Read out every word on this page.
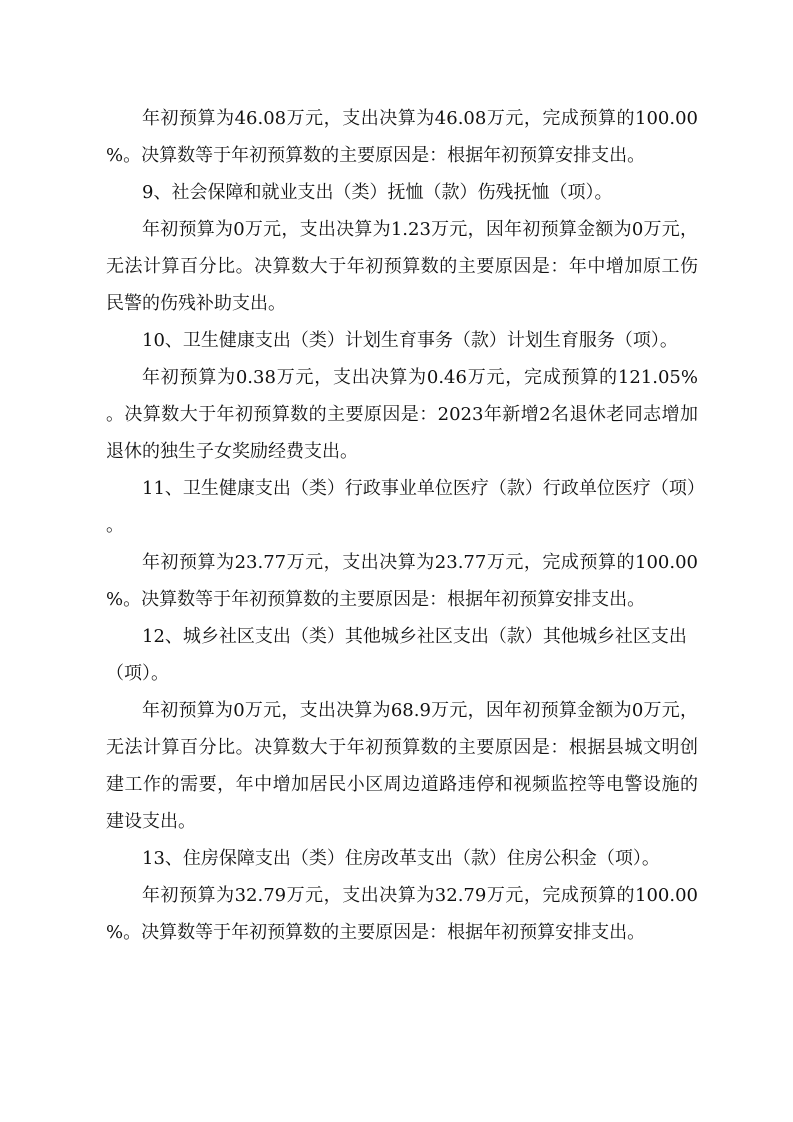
年初预算为46.08万元，支出决算为46.08万元，完成预算的100.00%。决算数等于年初预算数的主要原因是：根据年初预算安排支出。

9、社会保障和就业支出（类）抚恤（款）伤残抚恤（项）。

年初预算为0万元，支出决算为1.23万元，因年初预算金额为0万元，无法计算百分比。决算数大于年初预算数的主要原因是：年中增加原工伤民警的伤残补助支出。

10、卫生健康支出（类）计划生育事务（款）计划生育服务（项）。

年初预算为0.38万元，支出决算为0.46万元，完成预算的121.05%。决算数大于年初预算数的主要原因是：2023年新增2名退休老同志增加退休的独生子女奖励经费支出。

11、卫生健康支出（类）行政事业单位医疗（款）行政单位医疗（项）。

年初预算为23.77万元，支出决算为23.77万元，完成预算的100.00%。决算数等于年初预算数的主要原因是：根据年初预算安排支出。

12、城乡社区支出（类）其他城乡社区支出（款）其他城乡社区支出（项）。

年初预算为0万元，支出决算为68.9万元，因年初预算金额为0万元，无法计算百分比。决算数大于年初预算数的主要原因是：根据县城文明创建工作的需要，年中增加居民小区周边道路违停和视频监控等电警设施的建设支出。

13、住房保障支出（类）住房改革支出（款）住房公积金（项）。

年初预算为32.79万元，支出决算为32.79万元，完成预算的100.00%。决算数等于年初预算数的主要原因是：根据年初预算安排支出。
